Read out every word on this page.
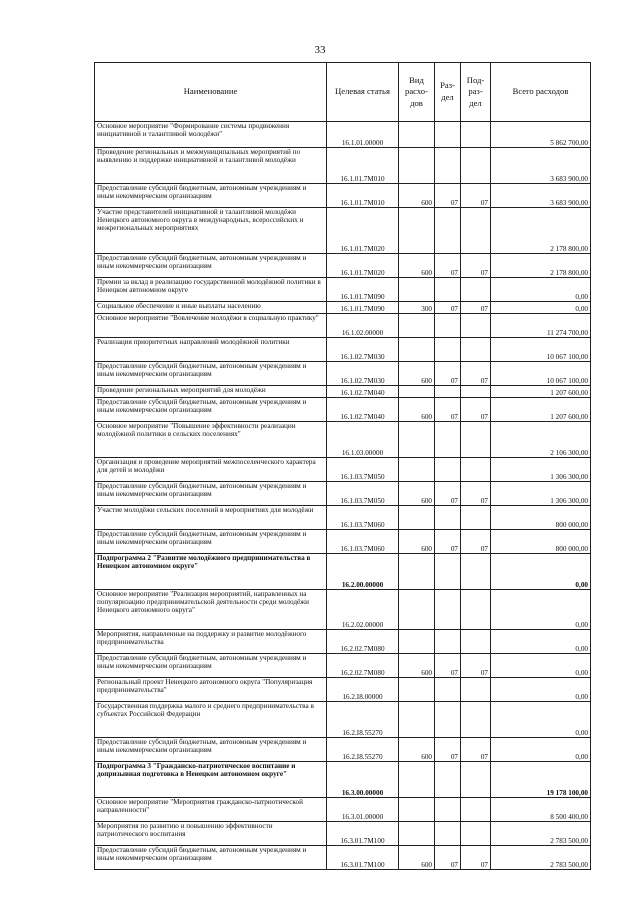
33
Наименование	Целевая статья	Вид расхо-дов	Раз-дел	Под-раз-дел	Всего расходов
Основное мероприятие "Формирование системы продвижения инициативной и талантливой молодёжи"	16.1.01.00000				5 862 700,00
Проведение региональных и межмуниципальных мероприятий по выявлению и поддержке инициативной и талантливой молодёжи	16.1.01.7М010				3 683 900,00
Предоставление субсидий бюджетным, автономным учреждениям и иным некоммерческим организациям	16.1.01.7М010	600	07	07	3 683 900,00
Участие представителей инициативной и талантливой молодёжи Ненецкого автономного округа в международных, всероссийских и межрегиональных мероприятиях	16.1.01.7М020				2 178 800,00
Предоставление субсидий бюджетным, автономным учреждениям и иным некоммерческим организациям	16.1.01.7М020	600	07	07	2 178 800,00
Премии за вклад в реализацию государственной молодёжной политики в Ненецком автономном округе	16.1.01.7М090				0,00
Социальное обеспечение и иные выплаты населению	16.1.01.7М090	300	07	07	0,00
Основное мероприятие "Вовлечение молодёжи в социальную практику"	16.1.02.00000				11 274 700,00
Реализация приоритетных направлений молодёжной политики	16.1.02.7М030				10 067 100,00
Предоставление субсидий бюджетным, автономным учреждениям и иным некоммерческим организациям	16.1.02.7М030	600	07	07	10 067 100,00
Проведение региональных мероприятий для молодёжи	16.1.02.7М040				1 207 600,00
Предоставление субсидий бюджетным, автономным учреждениям и иным некоммерческим организациям	16.1.02.7М040	600	07	07	1 207 600,00
Основное мероприятие "Повышение эффективности реализации молодёжной политики в сельских поселениях"	16.1.03.00000				2 106 300,00
Организация и проведение мероприятий межпоселенческого характера для детей и молодёжи	16.1.03.7М050				1 306 300,00
Предоставление субсидий бюджетным, автономным учреждениям и иным некоммерческим организациям	16.1.03.7М050	600	07	07	1 306 300,00
Участие молодёжи сельских поселений в мероприятиях для молодёжи	16.1.03.7М060				800 000,00
Предоставление субсидий бюджетным, автономным учреждениям и иным некоммерческим организациям	16.1.03.7М060	600	07	07	800 000,00
Подпрограмма 2 "Развитие молодёжного предпринимательства в Ненецком автономном округе"	16.2.00.00000				0,00
Основное мероприятие "Реализация мероприятий, направленных на популяризацию предпринимательской деятельности среди молодёжи Ненецкого автономного округа"	16.2.02.00000				0,00
Мероприятия, направленные на поддержку и развитие молодёжного предпринимательства	16.2.02.7М080				0,00
Предоставление субсидий бюджетным, автономным учреждениям и иным некоммерческим организациям	16.2.02.7М080	600	07	07	0,00
Региональный проект Ненецкого автономного округа "Популяризация предпринимательства"	16.2.I8.00000				0,00
Государственная поддержка малого и среднего предпринимательства в субъектах Российской Федерации	16.2.I8.55270				0,00
Предоставление субсидий бюджетным, автономным учреждениям и иным некоммерческим организациям	16.2.I8.55270	600	07	07	0,00
Подпрограмма 3 "Гражданско-патриотическое воспитание и допризывная подготовка в Ненецком автономном округе"	16.3.00.00000				19 178 100,00
Основное мероприятие "Мероприятия гражданско-патриотической направленности"	16.3.01.00000				8 500 400,00
Мероприятия по развитию и повышению эффективности патриотического воспитания	16.3.01.7М100				2 783 500,00
Предоставление субсидий бюджетным, автономным учреждениям и иным некоммерческим организациям	16.3.01.7М100	600	07	07	2 783 500,00
